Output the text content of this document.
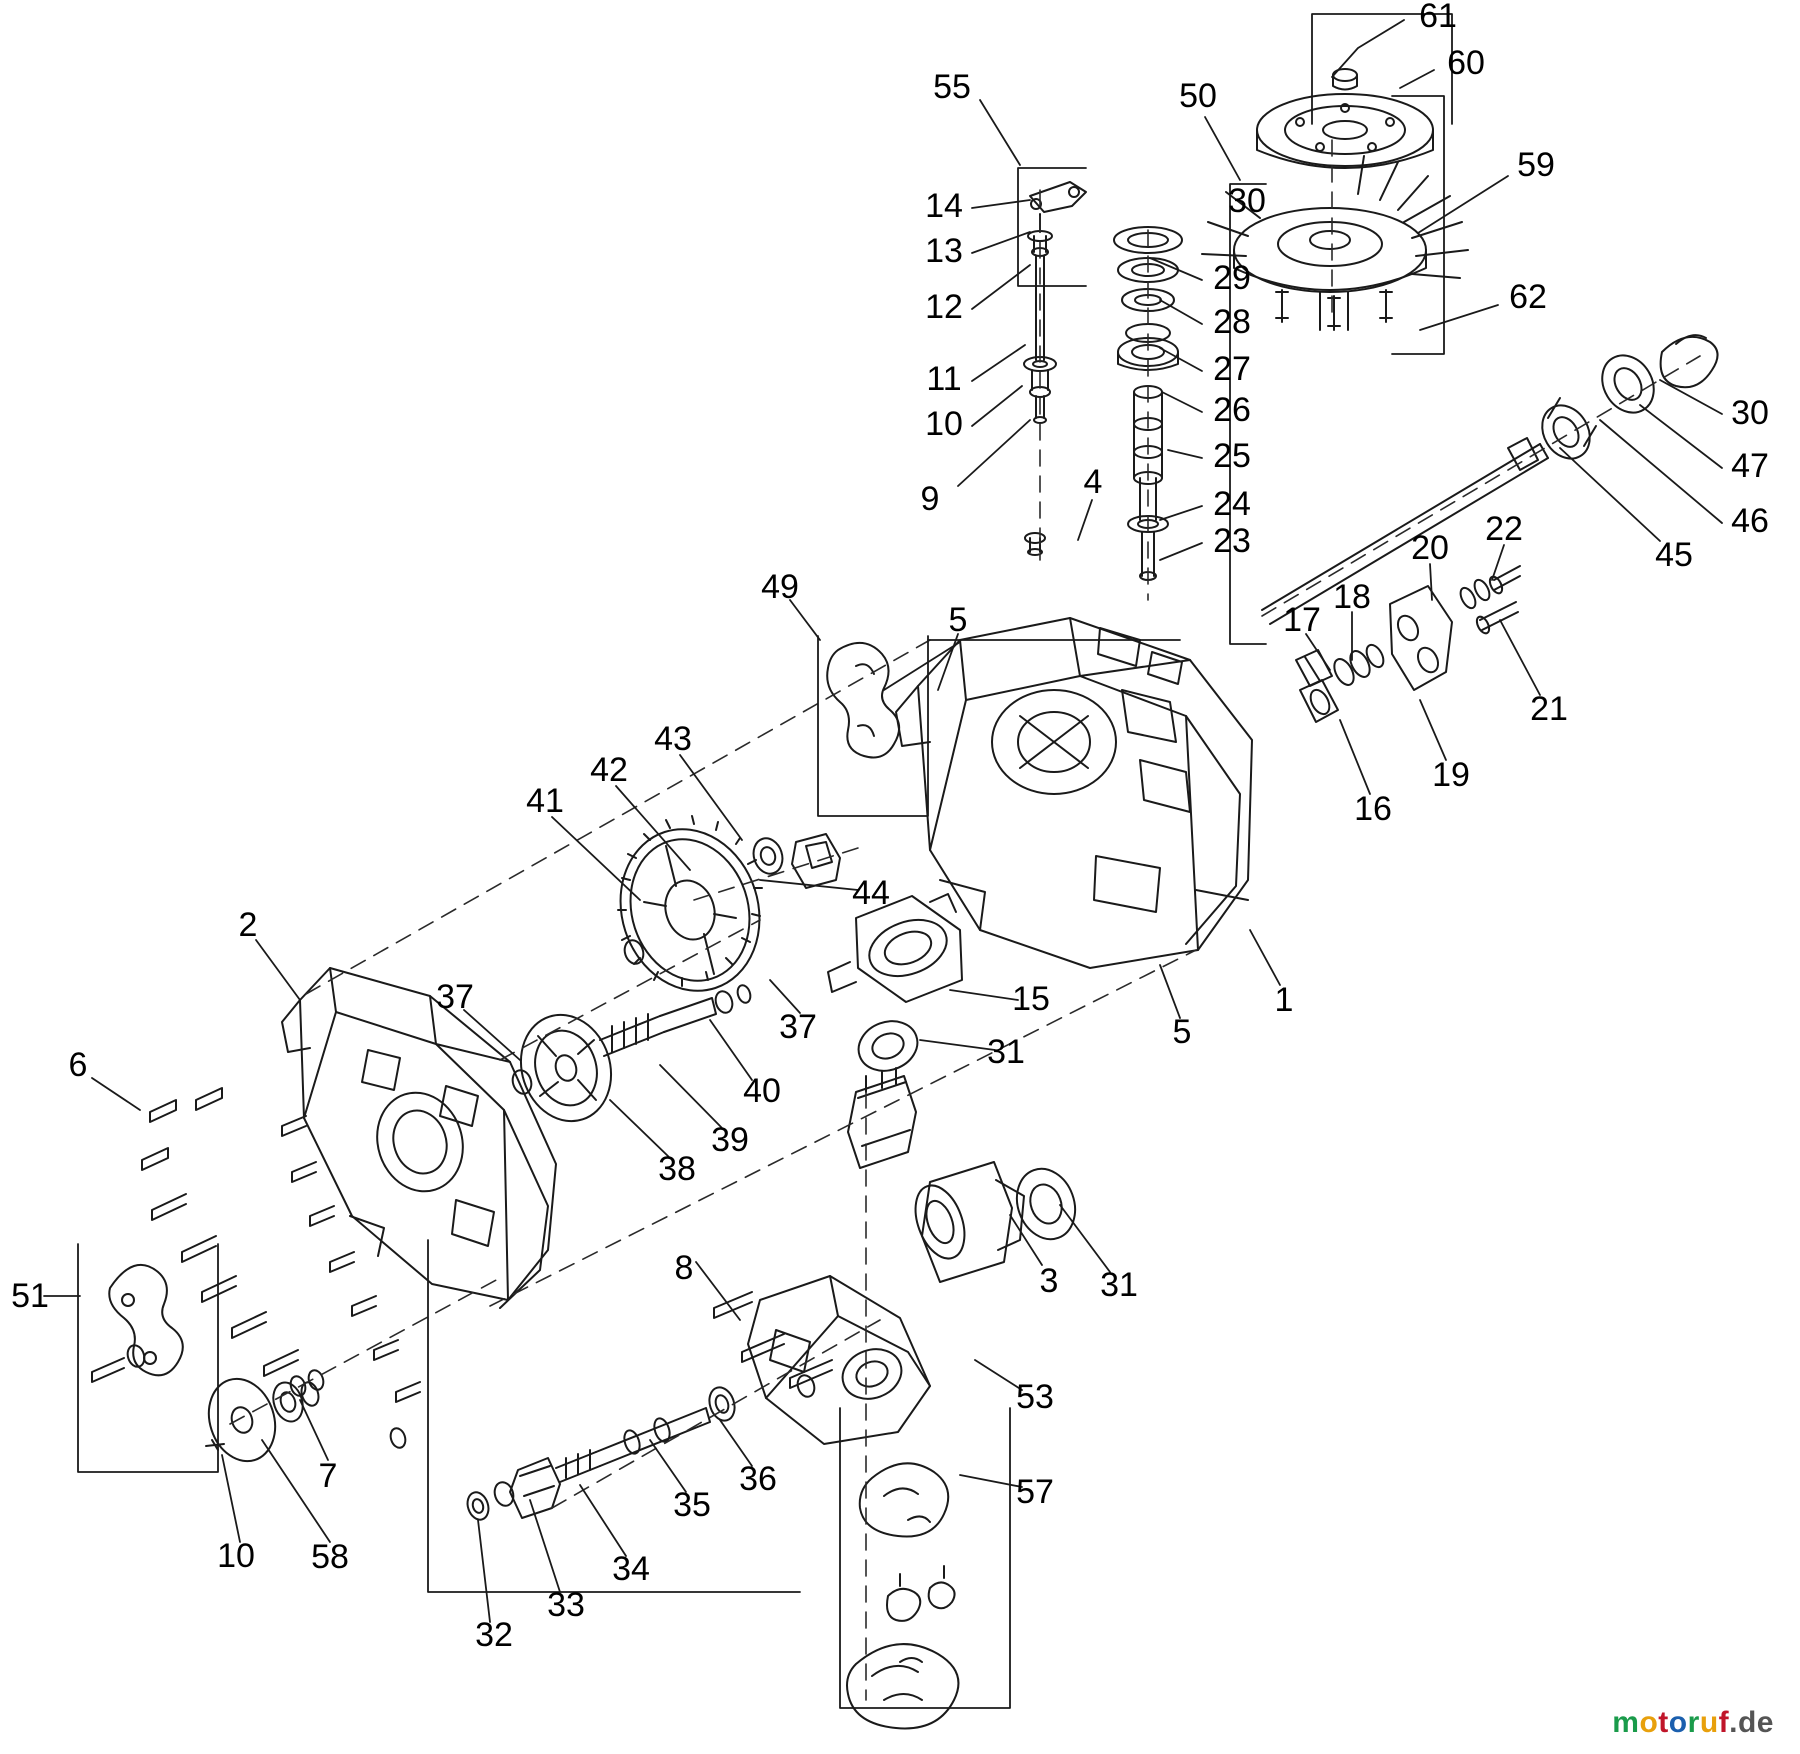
1
2
3
4
5
5
6
7
8
9
10
10
11
12
13
14
15
16
17
18
19
20
21
22
23
24
25
26
27
28
29
30
30
31
31
32
33
34
35
36
37
37
38
39
40
41
42
43
44
45
46
47
49
50
51
53
55
57
58
59
60
61
62
motoruf.de
